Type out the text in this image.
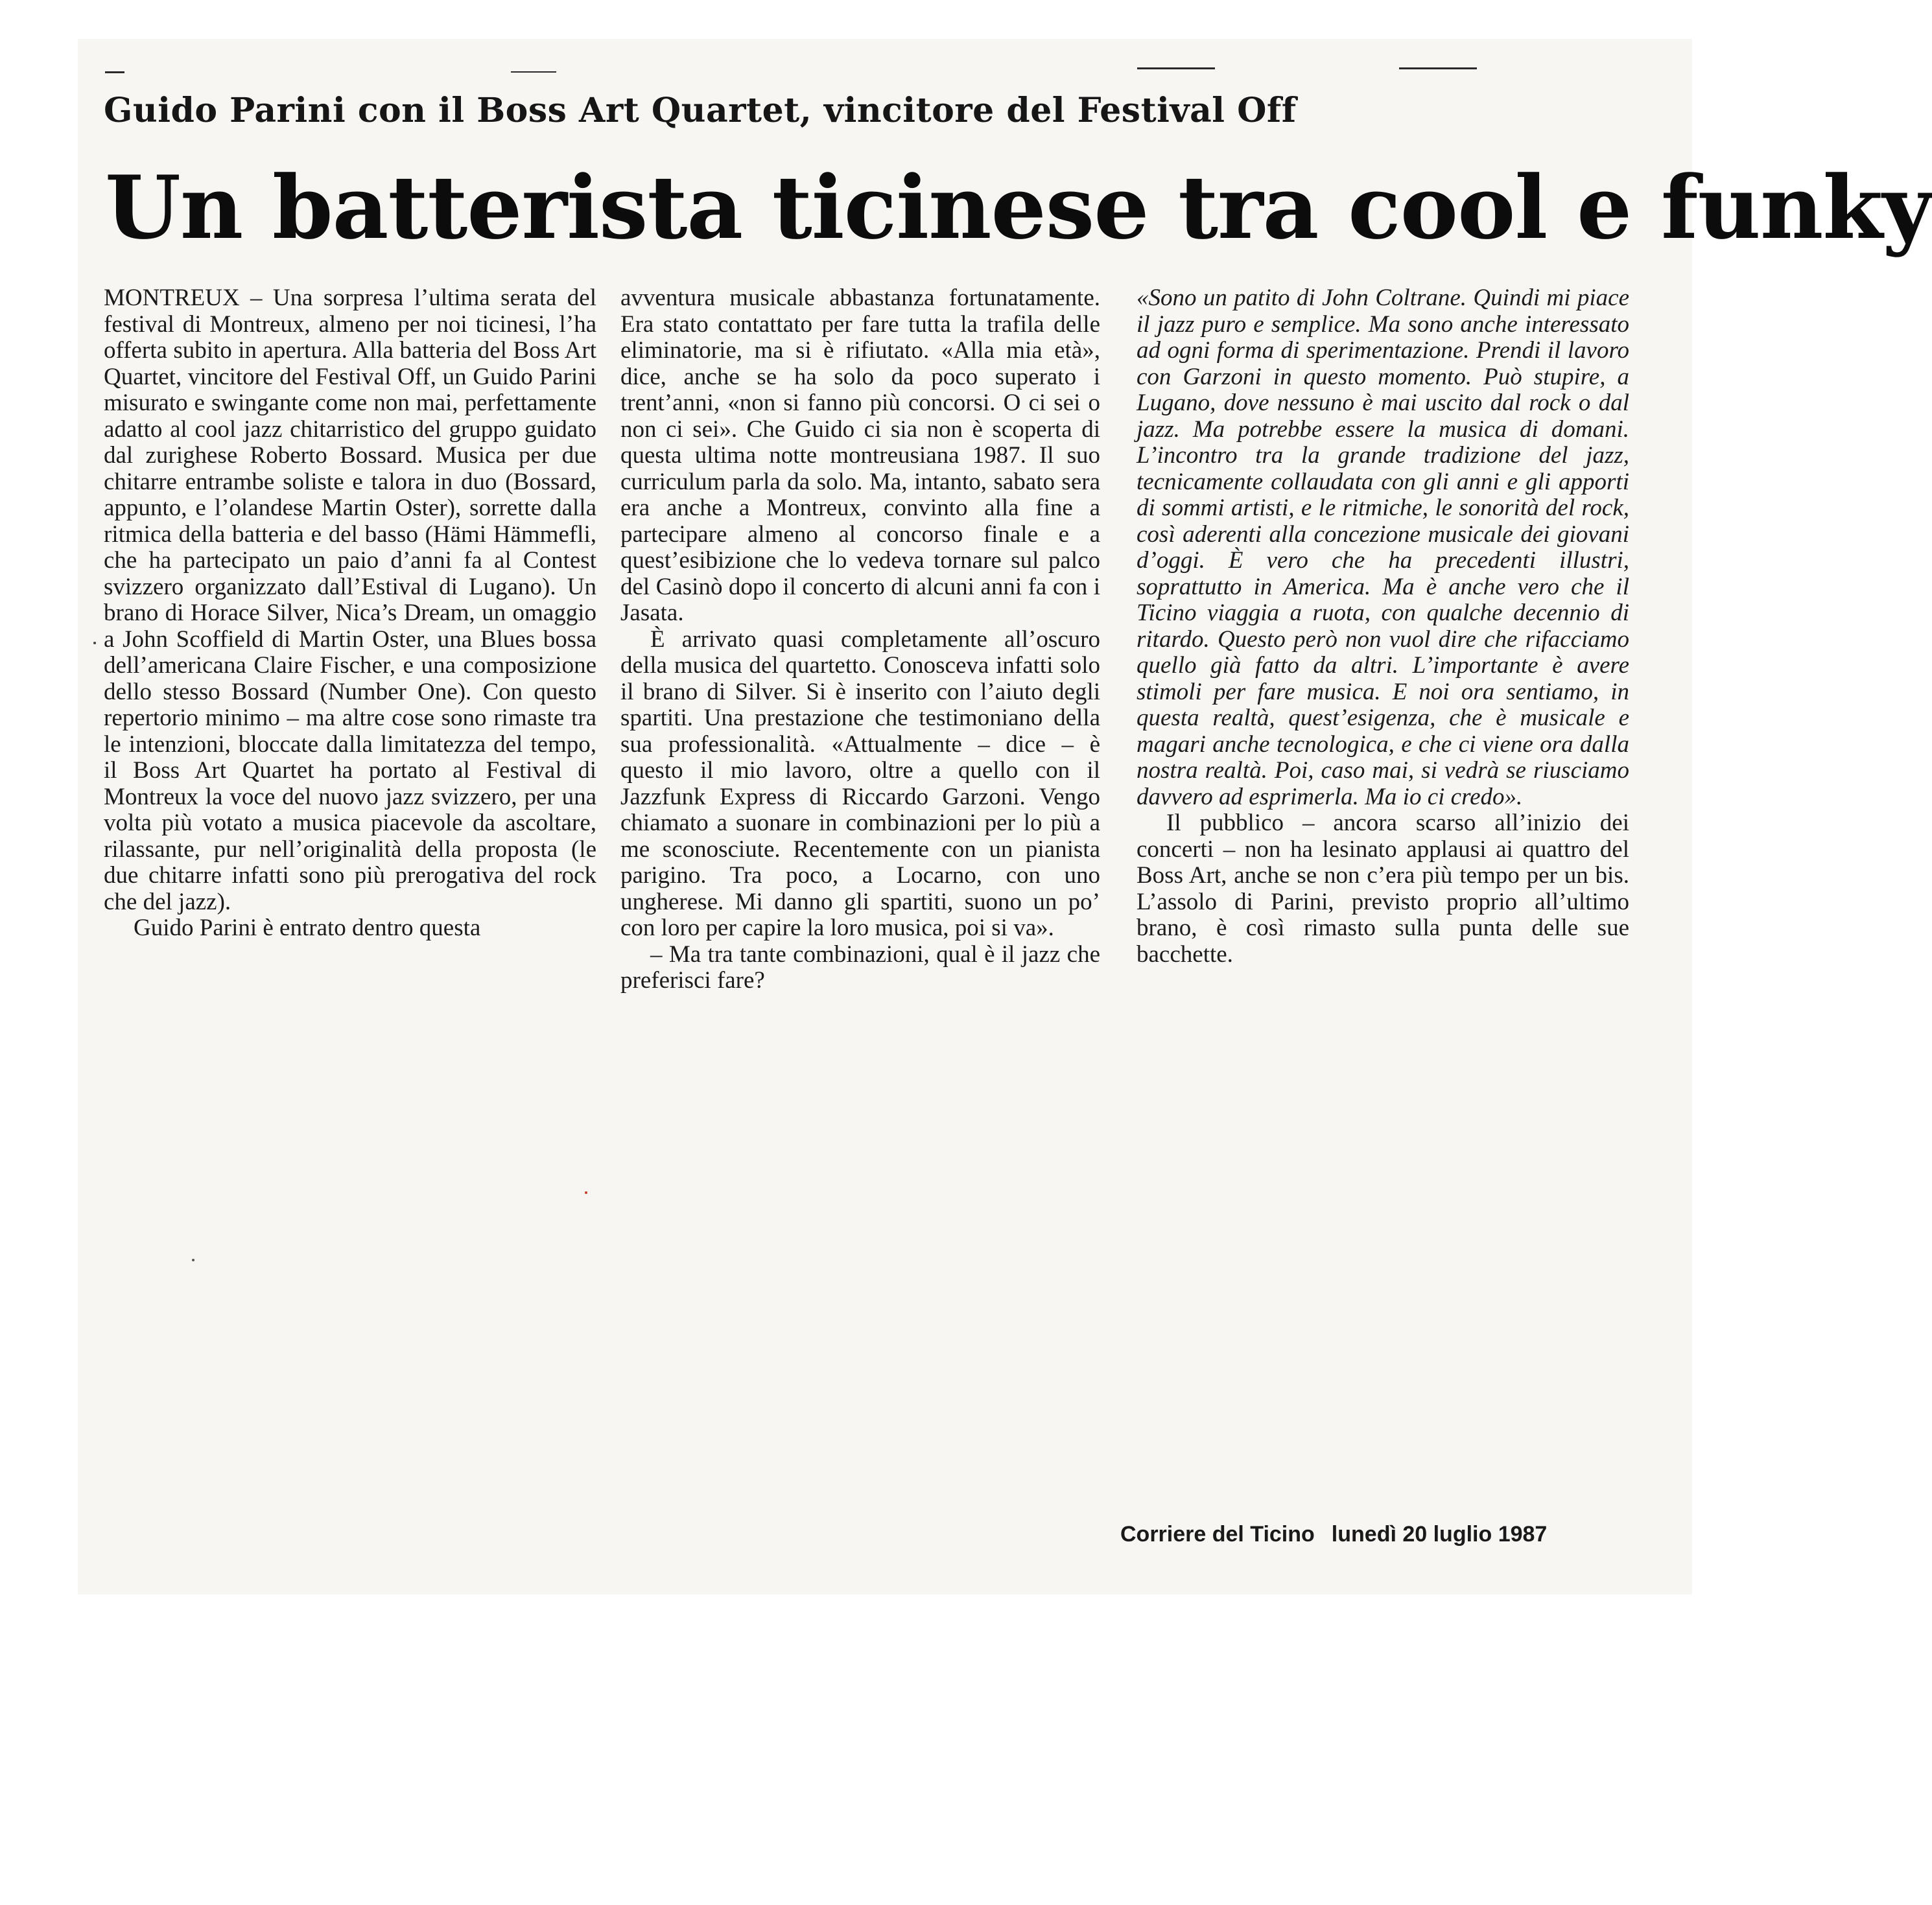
Guido Parini con il Boss Art Quartet, vincitore del Festival Off
Un batterista ticinese tra cool e funky

MONTREUX – Una sorpresa l’ultima serata del festival di Montreux, almeno per noi ticinesi, l’ha offerta subito in apertura. Alla batteria del Boss Art Quartet, vincitore del Festival Off, un Guido Parini misurato e swingante come non mai, perfettamente adatto al cool jazz chitarristico del gruppo guidato dal zurighese Roberto Bossard. Musica per due chitarre entrambe soliste e talora in duo (Bossard, appunto, e l’olandese Martin Oster), sorrette dalla ritmica della batteria e del basso (Hämi Hämmefli, che ha partecipato un paio d’anni fa al Contest svizzero organizzato dall’Estival di Lugano). Un brano di Horace Silver, Nica’s Dream, un omaggio a John Scoffield di Martin Oster, una Blues bossa dell’americana Claire Fischer, e una composizione dello stesso Bossard (Number One). Con questo repertorio minimo – ma altre cose sono rimaste tra le intenzioni, bloccate dalla limitatezza del tempo, il Boss Art Quartet ha portato al Festival di Montreux la voce del nuovo jazz svizzero, per una volta più votato a musica piacevole da ascoltare, rilassante, pur nell’originalità della proposta (le due chitarre infatti sono più prerogativa del rock che del jazz).

Guido Parini è entrato dentro questa

avventura musicale abbastanza fortunatamente. Era stato contattato per fare tutta la trafila delle eliminatorie, ma si è rifiutato. «Alla mia età», dice, anche se ha solo da poco superato i trent’anni, «non si fanno più concorsi. O ci sei o non ci sei». Che Guido ci sia non è scoperta di questa ultima notte montreusiana 1987. Il suo curriculum parla da solo. Ma, intanto, sabato sera era anche a Montreux, convinto alla fine a partecipare almeno al concorso finale e a quest’esibizione che lo vedeva tornare sul palco del Casinò dopo il concerto di alcuni anni fa con i Jasata.

È arrivato quasi completamente all’oscuro della musica del quartetto. Conosceva infatti solo il brano di Silver. Si è inserito con l’aiuto degli spartiti. Una prestazione che testimoniano della sua professionalità. «Attualmente – dice – è questo il mio lavoro, oltre a quello con il Jazzfunk Express di Riccardo Garzoni. Vengo chiamato a suonare in combinazioni per lo più a me sconosciute. Recentemente con un pianista parigino. Tra poco, a Locarno, con uno ungherese. Mi danno gli spartiti, suono un po’ con loro per capire la loro musica, poi si va».

– Ma tra tante combinazioni, qual è il jazz che preferisci fare?

«Sono un patito di John Coltrane. Quindi mi piace il jazz puro e semplice. Ma sono anche interessato ad ogni forma di sperimentazione. Prendi il lavoro con Garzoni in questo momento. Può stupire, a Lugano, dove nessuno è mai uscito dal rock o dal jazz. Ma potrebbe essere la musica di domani. L’incontro tra la grande tradizione del jazz, tecnicamente collaudata con gli anni e gli apporti di sommi artisti, e le ritmiche, le sonorità del rock, così aderenti alla concezione musicale dei giovani d’oggi. È vero che ha precedenti illustri, soprattutto in America. Ma è anche vero che il Ticino viaggia a ruota, con qualche decennio di ritardo. Questo però non vuol dire che rifacciamo quello già fatto da altri. L’importante è avere stimoli per fare musica. E noi ora sentiamo, in questa realtà, quest’esigenza, che è musicale e magari anche tecnologica, e che ci viene ora dalla nostra realtà. Poi, caso mai, si vedrà se riusciamo davvero ad esprimerla. Ma io ci credo».

Il pubblico – ancora scarso all’inizio dei concerti – non ha lesinato applausi ai quattro del Boss Art, anche se non c’era più tempo per un bis. L’assolo di Parini, previsto proprio all’ultimo brano, è così rimasto sulla punta delle sue bacchette.

Corriere del Ticino lunedì 20 luglio 1987
